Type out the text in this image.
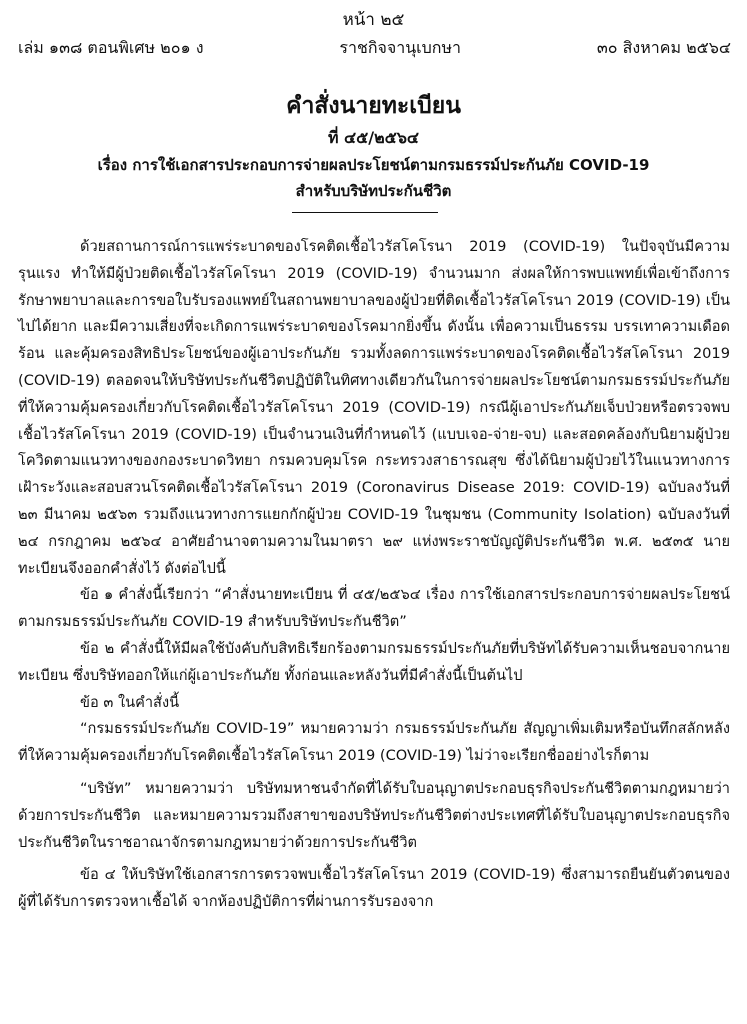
หน้า ๒๕
เล่ม ๑๓๘ ตอนพิเศษ ๒๐๑ ง	ราชกิจจานุเบกษา	๓๐ สิงหาคม ๒๕๖๔
คำสั่งนายทะเบียน
ที่ ๔๕/๒๕๖๔
เรื่อง การใช้เอกสารประกอบการจ่ายผลประโยชน์ตามกรมธรรม์ประกันภัย COVID-19
สำหรับบริษัทประกันชีวิต

ด้วยสถานการณ์การแพร่ระบาดของโรคติดเชื้อไวรัสโคโรนา 2019 (COVID-19) ในปัจจุบันมีความรุนแรง ทำให้มีผู้ป่วยติดเชื้อไวรัสโคโรนา 2019 (COVID-19) จำนวนมาก ส่งผลให้การพบแพทย์เพื่อเข้าถึงการรักษาพยาบาลและการขอใบรับรองแพทย์ในสถานพยาบาลของผู้ป่วยที่ติดเชื้อไวรัสโคโรนา 2019 (COVID-19) เป็นไปได้ยาก และมีความเสี่ยงที่จะเกิดการแพร่ระบาดของโรคมากยิ่งขึ้น ดังนั้น เพื่อความเป็นธรรม บรรเทาความเดือดร้อน และคุ้มครองสิทธิประโยชน์ของผู้เอาประกันภัย รวมทั้งลดการแพร่ระบาดของโรคติดเชื้อไวรัสโคโรนา 2019 (COVID-19) ตลอดจนให้บริษัทประกันชีวิตปฏิบัติในทิศทางเดียวกันในการจ่ายผลประโยชน์ตามกรมธรรม์ประกันภัยที่ให้ความคุ้มครองเกี่ยวกับโรคติดเชื้อไวรัสโคโรนา 2019 (COVID-19) กรณีผู้เอาประกันภัยเจ็บป่วยหรือตรวจพบเชื้อไวรัสโคโรนา 2019 (COVID-19) เป็นจำนวนเงินที่กำหนดไว้ (แบบเจอ-จ่าย-จบ) และสอดคล้องกับนิยามผู้ป่วยโควิดตามแนวทางของกองระบาดวิทยา กรมควบคุมโรค กระทรวงสาธารณสุข ซึ่งได้นิยามผู้ป่วยไว้ในแนวทางการเฝ้าระวังและสอบสวนโรคติดเชื้อไวรัสโคโรนา 2019 (Coronavirus Disease 2019: COVID-19) ฉบับลงวันที่ ๒๓ มีนาคม ๒๕๖๓ รวมถึงแนวทางการแยกกักผู้ป่วย COVID-19 ในชุมชน (Community Isolation) ฉบับลงวันที่ ๒๔ กรกฎาคม ๒๕๖๔ อาศัยอำนาจตามความในมาตรา ๒๙ แห่งพระราชบัญญัติประกันชีวิต พ.ศ. ๒๕๓๕ นายทะเบียนจึงออกคำสั่งไว้ ดังต่อไปนี้

ข้อ ๑ คำสั่งนี้เรียกว่า “คำสั่งนายทะเบียน ที่ ๔๕/๒๕๖๔ เรื่อง การใช้เอกสารประกอบการจ่ายผลประโยชน์ตามกรมธรรม์ประกันภัย COVID-19 สำหรับบริษัทประกันชีวิต”

ข้อ ๒ คำสั่งนี้ให้มีผลใช้บังคับกับสิทธิเรียกร้องตามกรมธรรม์ประกันภัยที่บริษัทได้รับความเห็นชอบจากนายทะเบียน ซึ่งบริษัทออกให้แก่ผู้เอาประกันภัย ทั้งก่อนและหลังวันที่มีคำสั่งนี้เป็นต้นไป

ข้อ ๓ ในคำสั่งนี้

“กรมธรรม์ประกันภัย COVID-19” หมายความว่า กรมธรรม์ประกันภัย สัญญาเพิ่มเติมหรือบันทึกสลักหลัง ที่ให้ความคุ้มครองเกี่ยวกับโรคติดเชื้อไวรัสโคโรนา 2019 (COVID-19) ไม่ว่าจะเรียกชื่ออย่างไรก็ตาม

“บริษัท” หมายความว่า บริษัทมหาชนจำกัดที่ได้รับใบอนุญาตประกอบธุรกิจประกันชีวิตตามกฎหมายว่าด้วยการประกันชีวิต และหมายความรวมถึงสาขาของบริษัทประกันชีวิตต่างประเทศที่ได้รับใบอนุญาตประกอบธุรกิจประกันชีวิตในราชอาณาจักรตามกฎหมายว่าด้วยการประกันชีวิต

ข้อ ๔ ให้บริษัทใช้เอกสารการตรวจพบเชื้อไวรัสโคโรนา 2019 (COVID-19) ซึ่งสามารถยืนยันตัวตนของผู้ที่ได้รับการตรวจหาเชื้อได้ จากห้องปฏิบัติการที่ผ่านการรับรองจาก
